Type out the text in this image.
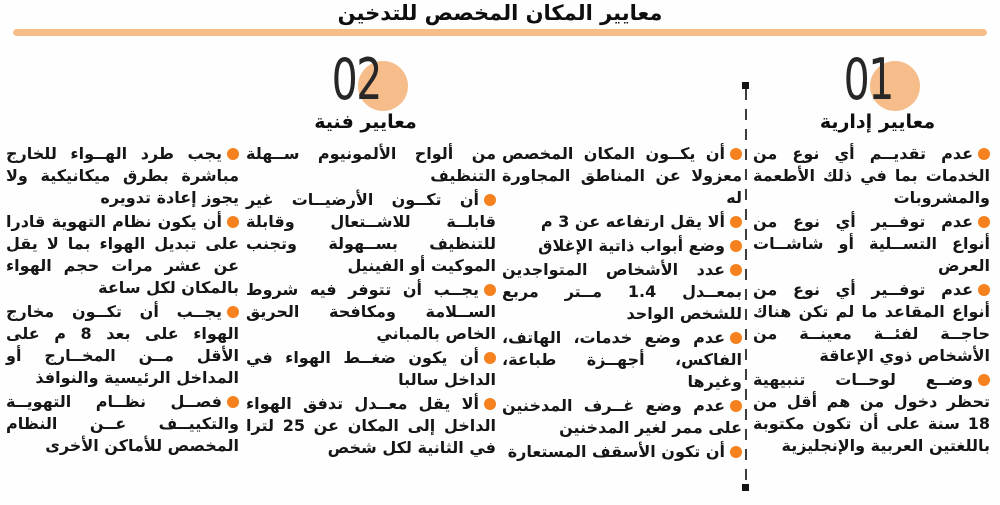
معايير المكان المخصص للتدخين
01
معايير إدارية
عدم تقديــم أي نوع من الخدمات بما في ذلك الأطعمة والمشروبات
عدم توفــير أي نوع من أنواع التســلية أو شاشــات العرض
عدم توفــير أي نوع من أنواع المقاعد ما لم تكن هناك حاجــة لفئــة معينــة من الأشخاص ذوي الإعاقة
وضــع لوحــات تنبيهية تحظر دخول من هم أقل من 18 سنة على أن تكون مكتوبة باللغتين العربية والإنجليزية
02
معايير فنية
أن يكــون المكان المخصص معزولا عن المناطق المجاورة له
ألا يقل ارتفاعه عن 3 م
وضع أبواب ذاتية الإغلاق
عدد الأشخاص المتواجدين بمعــدل 1.4 مــتر مربع للشخص الواحد
عدم وضع خدمات، الهاتف، الفاكس، أجهــزة طباعة، وغيرها
عدم وضع غــرف المدخنين على ممر لغير المدخنين
أن تكون الأسقف المستعارة
من ألواح الألمونيوم ســهلة التنظيف
أن تكــون الأرضيــات غير قابلــة للاشــتعال وقابلة للتنظيف بســهولة وتجنب الموكيت أو الفينيل
يجــب أن تتوفر فيه شروط الســلامة ومكافحة الحريق الخاص بالمباني
أن يكون ضغــط الهواء في الداخل سالبا
ألا يقل معــدل تدفق الهواء الداخل إلى المكان عن 25 لترا في الثانية لكل شخص
يجب طرد الهــواء للخارج مباشرة بطرق ميكانيكية ولا يجوز إعادة تدويره
أن يكون نظام التهوية قادرا على تبديل الهواء بما لا يقل عن عشر مرات حجم الهواء بالمكان لكل ساعة
يجــب أن تكــون مخارج الهواء على بعد 8 م على الأقل مــن المخــارج أو المداخل الرئيسية والنوافذ
فصــل نظــام التهويــة والتكييــف عــن النظام المخصص للأماكن الأخرى
